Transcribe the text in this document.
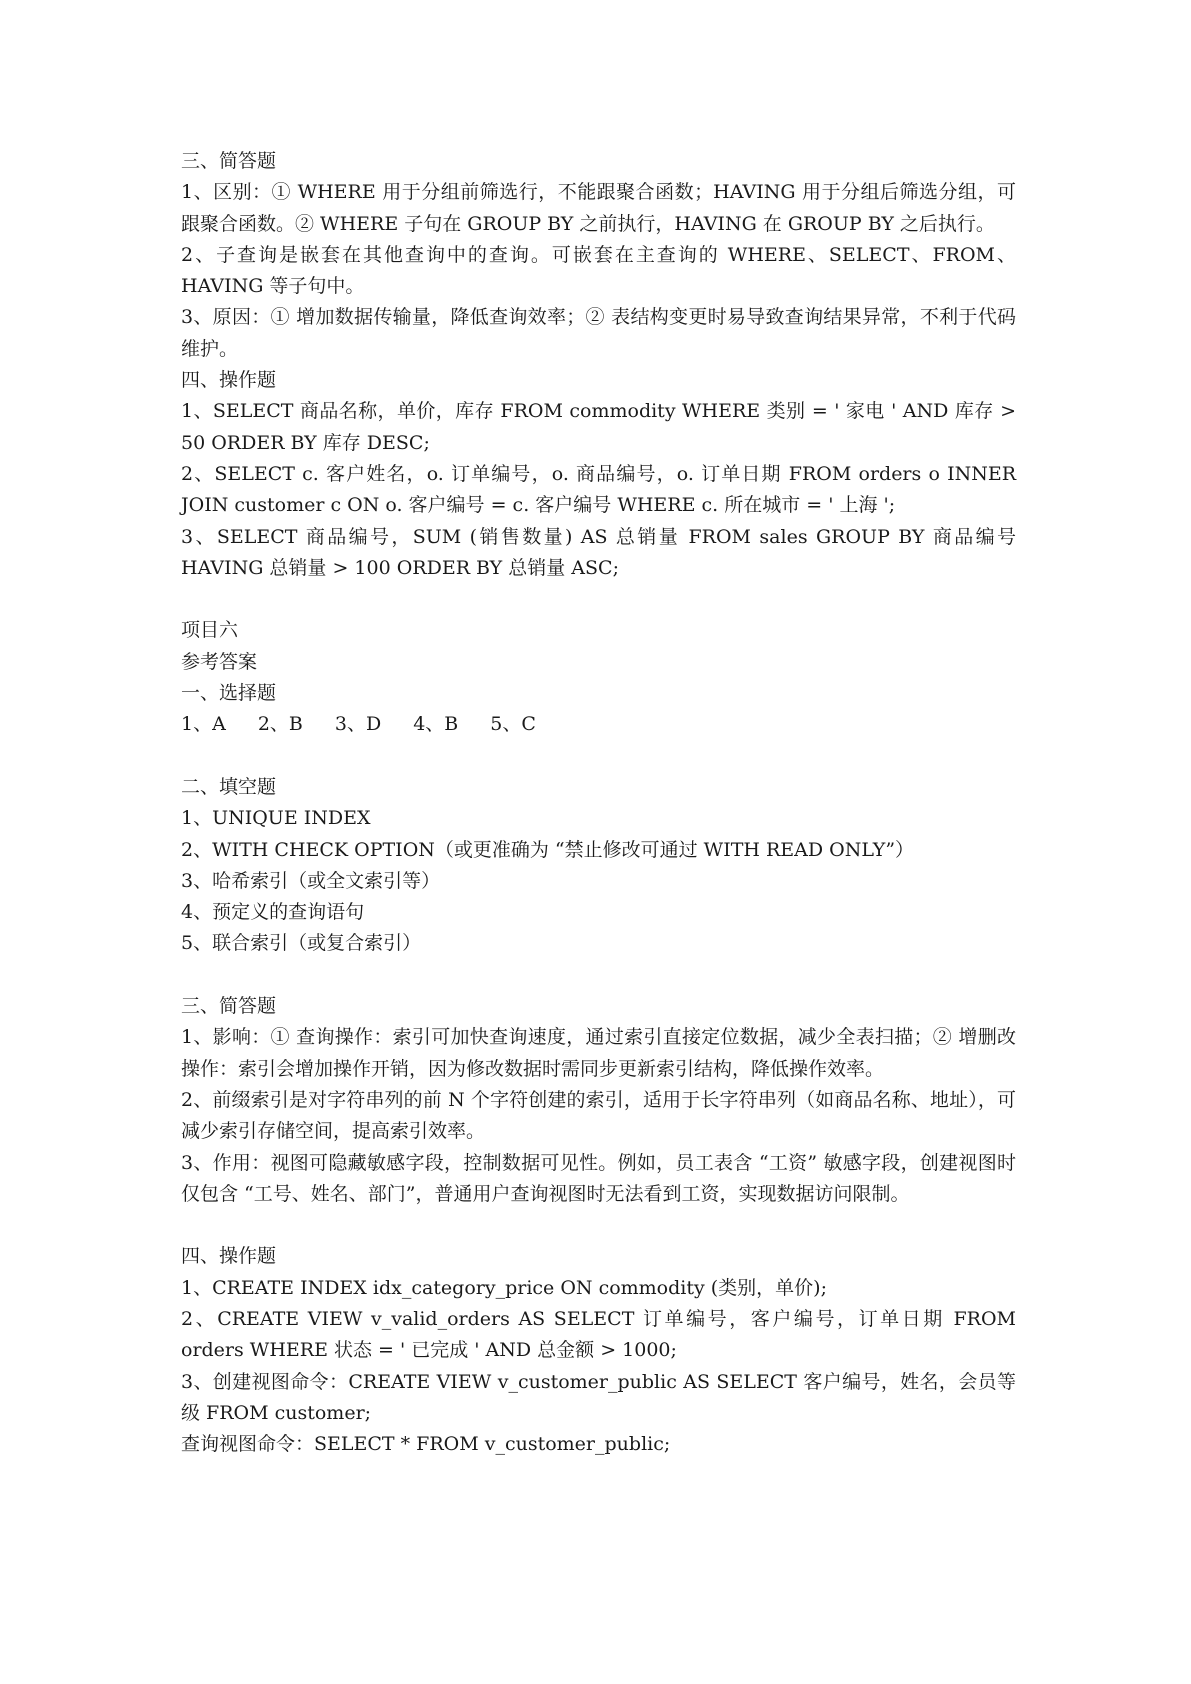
三、简答题

1、区别：① WHERE 用于分组前筛选行，不能跟聚合函数；HAVING 用于分组后筛选分组，可跟聚合函数。② WHERE 子句在 GROUP BY 之前执行，HAVING 在 GROUP BY 之后执行。

2、子查询是嵌套在其他查询中的查询。可嵌套在主查询的 WHERE、SELECT、FROM、HAVING 等子句中。

3、原因：① 增加数据传输量，降低查询效率；② 表结构变更时易导致查询结果异常，不利于代码维护。

四、操作题

1、SELECT 商品名称，单价，库存 FROM commodity WHERE 类别 = ' 家电 ' AND 库存 > 50 ORDER BY 库存 DESC;

2、SELECT c. 客户姓名，o. 订单编号，o. 商品编号，o. 订单日期 FROM orders o INNER JOIN customer c ON o. 客户编号 = c. 客户编号 WHERE c. 所在城市 = ' 上海 ';

3、SELECT 商品编号，SUM (销售数量) AS 总销量 FROM sales GROUP BY 商品编号 HAVING 总销量 > 100 ORDER BY 总销量 ASC;

项目六

参考答案

一、选择题

1、A 2、B 3、D 4、B 5、C

二、填空题

1、UNIQUE INDEX

2、WITH CHECK OPTION（或更准确为 “禁止修改可通过 WITH READ ONLY”）

3、哈希索引（或全文索引等）

4、预定义的查询语句

5、联合索引（或复合索引）

三、简答题

1、影响：① 查询操作：索引可加快查询速度，通过索引直接定位数据，减少全表扫描；② 增删改操作：索引会增加操作开销，因为修改数据时需同步更新索引结构，降低操作效率。

2、前缀索引是对字符串列的前 N 个字符创建的索引，适用于长字符串列（如商品名称、地址），可减少索引存储空间，提高索引效率。

3、作用：视图可隐藏敏感字段，控制数据可见性。例如，员工表含 “工资” 敏感字段，创建视图时仅包含 “工号、姓名、部门”，普通用户查询视图时无法看到工资，实现数据访问限制。

四、操作题

1、CREATE INDEX idx_category_price ON commodity (类别，单价);

2、CREATE VIEW v_valid_orders AS SELECT 订单编号，客户编号，订单日期 FROM orders WHERE 状态 = ' 已完成 ' AND 总金额 > 1000;

3、创建视图命令：CREATE VIEW v_customer_public AS SELECT 客户编号，姓名，会员等级 FROM customer;

查询视图命令：SELECT * FROM v_customer_public;
